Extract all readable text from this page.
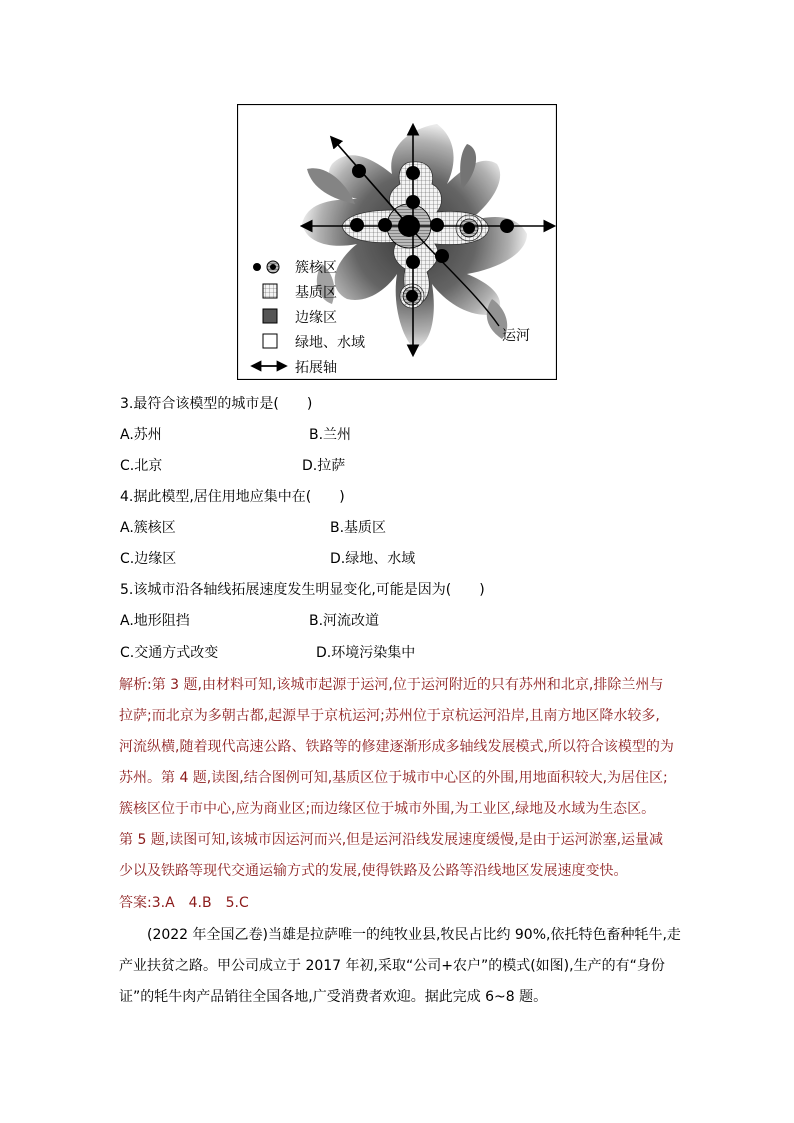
簇核区
基质区
边缘区
绿地、水域
拓展轴
运河
3.最符合该模型的城市是(　　)
A.苏州	B.兰州
C.北京	D.拉萨
4.据此模型,居住用地应集中在(　　)
A.簇核区	B.基质区
C.边缘区	D.绿地、水域
5.该城市沿各轴线拓展速度发生明显变化,可能是因为(　　)
A.地形阻挡	B.河流改道
C.交通方式改变	D.环境污染集中
解析:第 3 题,由材料可知,该城市起源于运河,位于运河附近的只有苏州和北京,排除兰州与
拉萨;而北京为多朝古都,起源早于京杭运河;苏州位于京杭运河沿岸,且南方地区降水较多,
河流纵横,随着现代高速公路、铁路等的修建逐渐形成多轴线发展模式,所以符合该模型的为
苏州。第 4 题,读图,结合图例可知,基质区位于城市中心区的外围,用地面积较大,为居住区;
簇核区位于市中心,应为商业区;而边缘区位于城市外围,为工业区,绿地及水域为生态区。
第 5 题,读图可知,该城市因运河而兴,但是运河沿线发展速度缓慢,是由于运河淤塞,运量减
少以及铁路等现代交通运输方式的发展,使得铁路及公路等沿线地区发展速度变快。
答案:3.A　4.B　5.C
　　(2022 年全国乙卷)当雄是拉萨唯一的纯牧业县,牧民占比约 90%,依托特色畜种牦牛,走
产业扶贫之路。甲公司成立于 2017 年初,采取“公司+农户”的模式(如图),生产的有“身份
证”的牦牛肉产品销往全国各地,广受消费者欢迎。据此完成 6~8 题。
